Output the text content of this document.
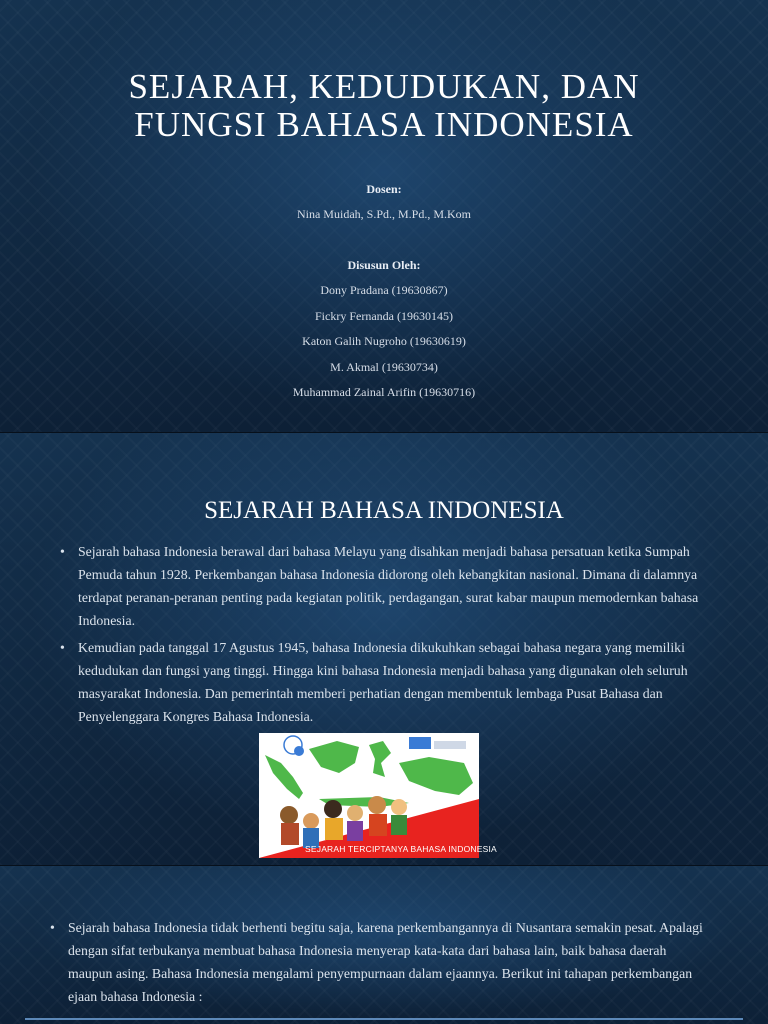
SEJARAH, KEDUDUKAN, DAN
FUNGSI BAHASA INDONESIA
Dosen:
Nina Muidah, S.Pd., M.Pd., M.Kom
Disusun Oleh:
Dony Pradana (19630867)
Fickry Fernanda (19630145)
Katon Galih Nugroho (19630619)
M. Akmal (19630734)
Muhammad Zainal Arifin (19630716)
SEJARAH BAHASA INDONESIA
• Sejarah bahasa Indonesia berawal dari bahasa Melayu yang disahkan menjadi bahasa persatuan ketika Sumpah Pemuda tahun 1928. Perkembangan bahasa Indonesia didorong oleh kebangkitan nasional. Dimana di dalamnya terdapat peranan-peranan penting pada kegiatan politik, perdagangan, surat kabar maupun memodernkan bahasa Indonesia.
• Kemudian pada tanggal 17 Agustus 1945, bahasa Indonesia dikukuhkan sebagai bahasa negara yang memiliki kedudukan dan fungsi yang tinggi. Hingga kini bahasa Indonesia menjadi bahasa yang digunakan oleh seluruh masyarakat Indonesia. Dan pemerintah memberi perhatian dengan membentuk lembaga Pusat Bahasa dan Penyelenggara Kongres Bahasa Indonesia.
SEJARAH TERCIPTANYA BAHASA INDONESIA
• Sejarah bahasa Indonesia tidak berhenti begitu saja, karena perkembangannya di Nusantara semakin pesat. Apalagi dengan sifat terbukanya membuat bahasa Indonesia menyerap kata-kata dari bahasa lain, baik bahasa daerah maupun asing. Bahasa Indonesia mengalami penyempurnaan dalam ejaannya. Berikut ini tahapan perkembangan ejaan bahasa Indonesia :
